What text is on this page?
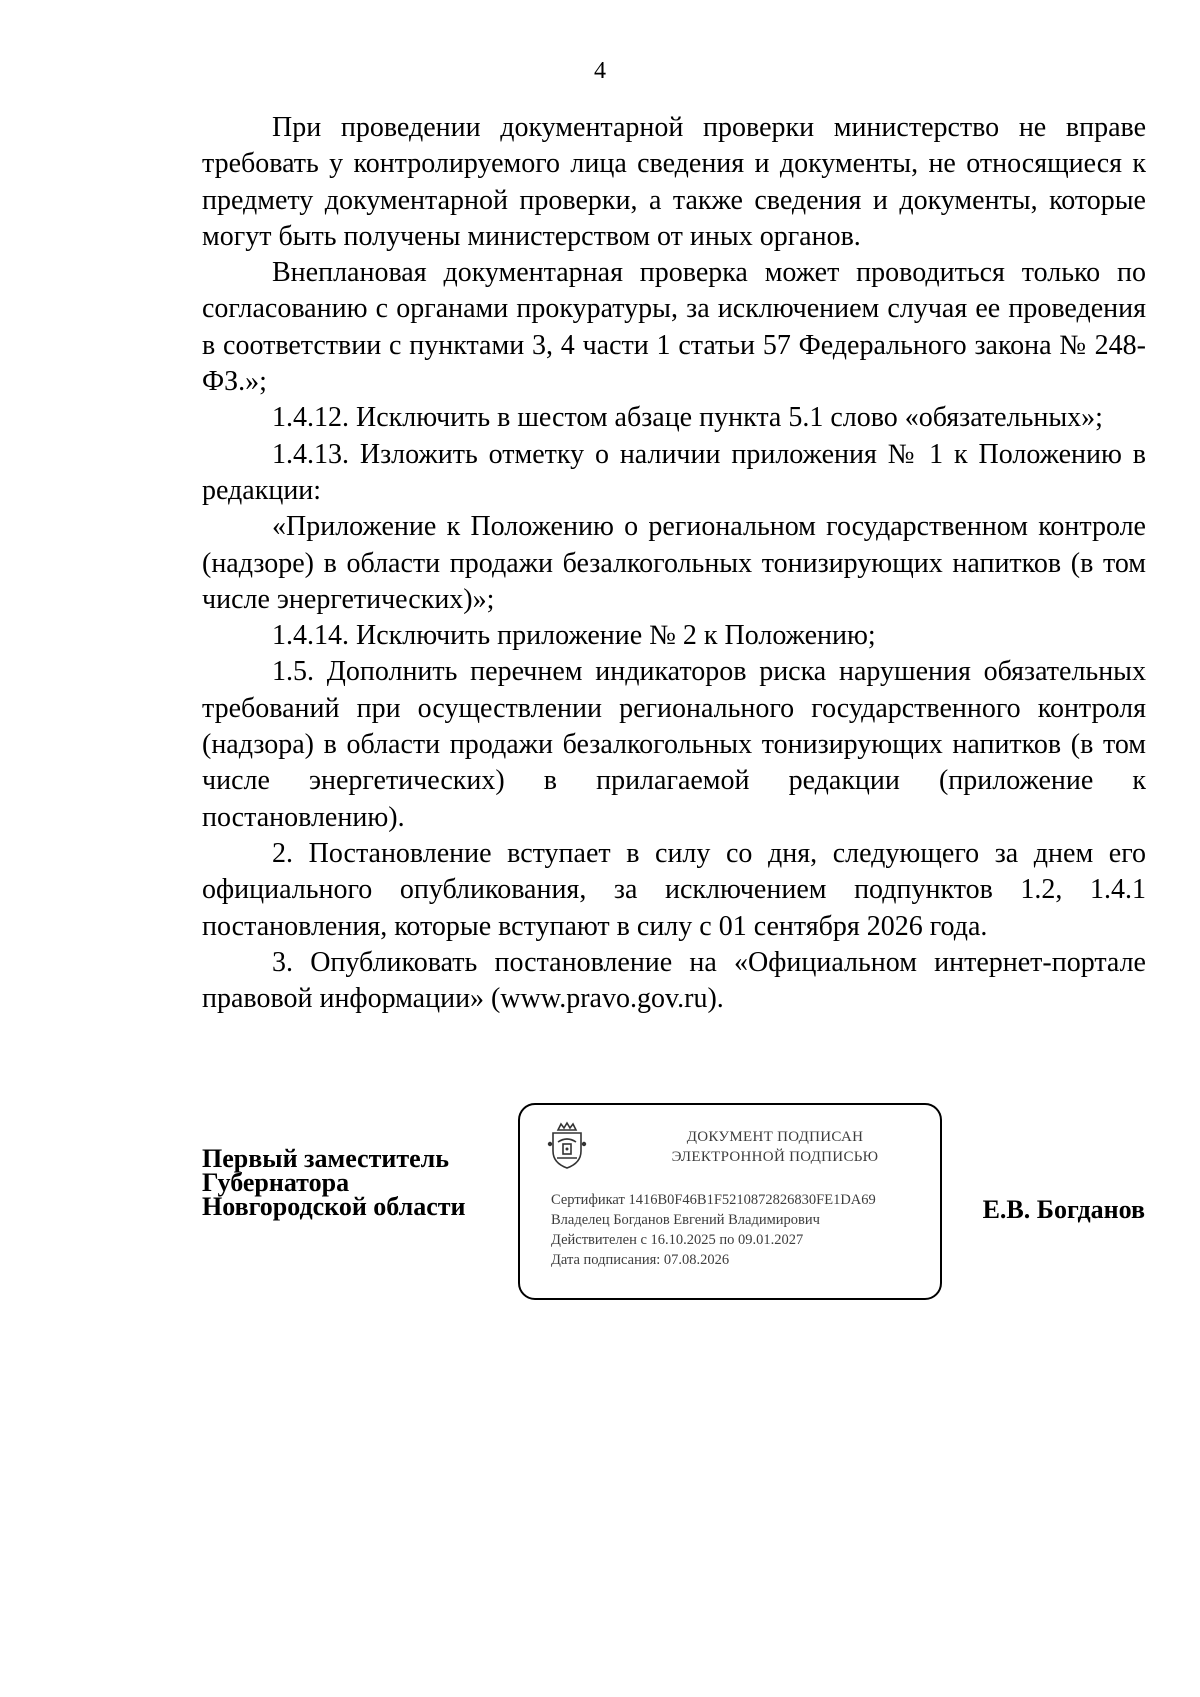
4

При проведении документарной проверки министерство не вправе требовать у контролируемого лица сведения и документы, не относящиеся к предмету документарной проверки, а также сведения и документы, которые могут быть получены министерством от иных органов.

Внеплановая документарная проверка может проводиться только по согласованию с органами прокуратуры, за исключением случая ее проведения в соответствии с пунктами 3, 4 части 1 статьи 57 Федерального закона № 248-ФЗ.»;

1.4.12. Исключить в шестом абзаце пункта 5.1 слово «обязательных»;

1.4.13. Изложить отметку о наличии приложения № 1 к Положению в редакции:

«Приложение к Положению о региональном государственном контроле (надзоре) в области продажи безалкогольных тонизирующих напитков (в том числе энергетических)»;

1.4.14. Исключить приложение № 2 к Положению;

1.5. Дополнить перечнем индикаторов риска нарушения обязательных требований при осуществлении регионального государственного контроля (надзора) в области продажи безалкогольных тонизирующих напитков (в том числе энергетических) в прилагаемой редакции (приложение к постановлению).

2. Постановление вступает в силу со дня, следующего за днем его официального опубликования, за исключением подпунктов 1.2, 1.4.1 постановления, которые вступают в силу с 01 сентября 2026 года.

3. Опубликовать постановление на «Официальном интернет-портале правовой информации» (www.pravo.gov.ru).

Первый заместитель
Губернатора
Новгородской области
ДОКУМЕНТ ПОДПИСАН
ЭЛЕКТРОННОЙ ПОДПИСЬЮ
Сертификат 1416B0F46B1F5210872826830FE1DA69
Владелец Богданов Евгений Владимирович
Действителен с 16.10.2025 по 09.01.2027
Дата подписания: 07.08.2026
Е.В. Богданов
